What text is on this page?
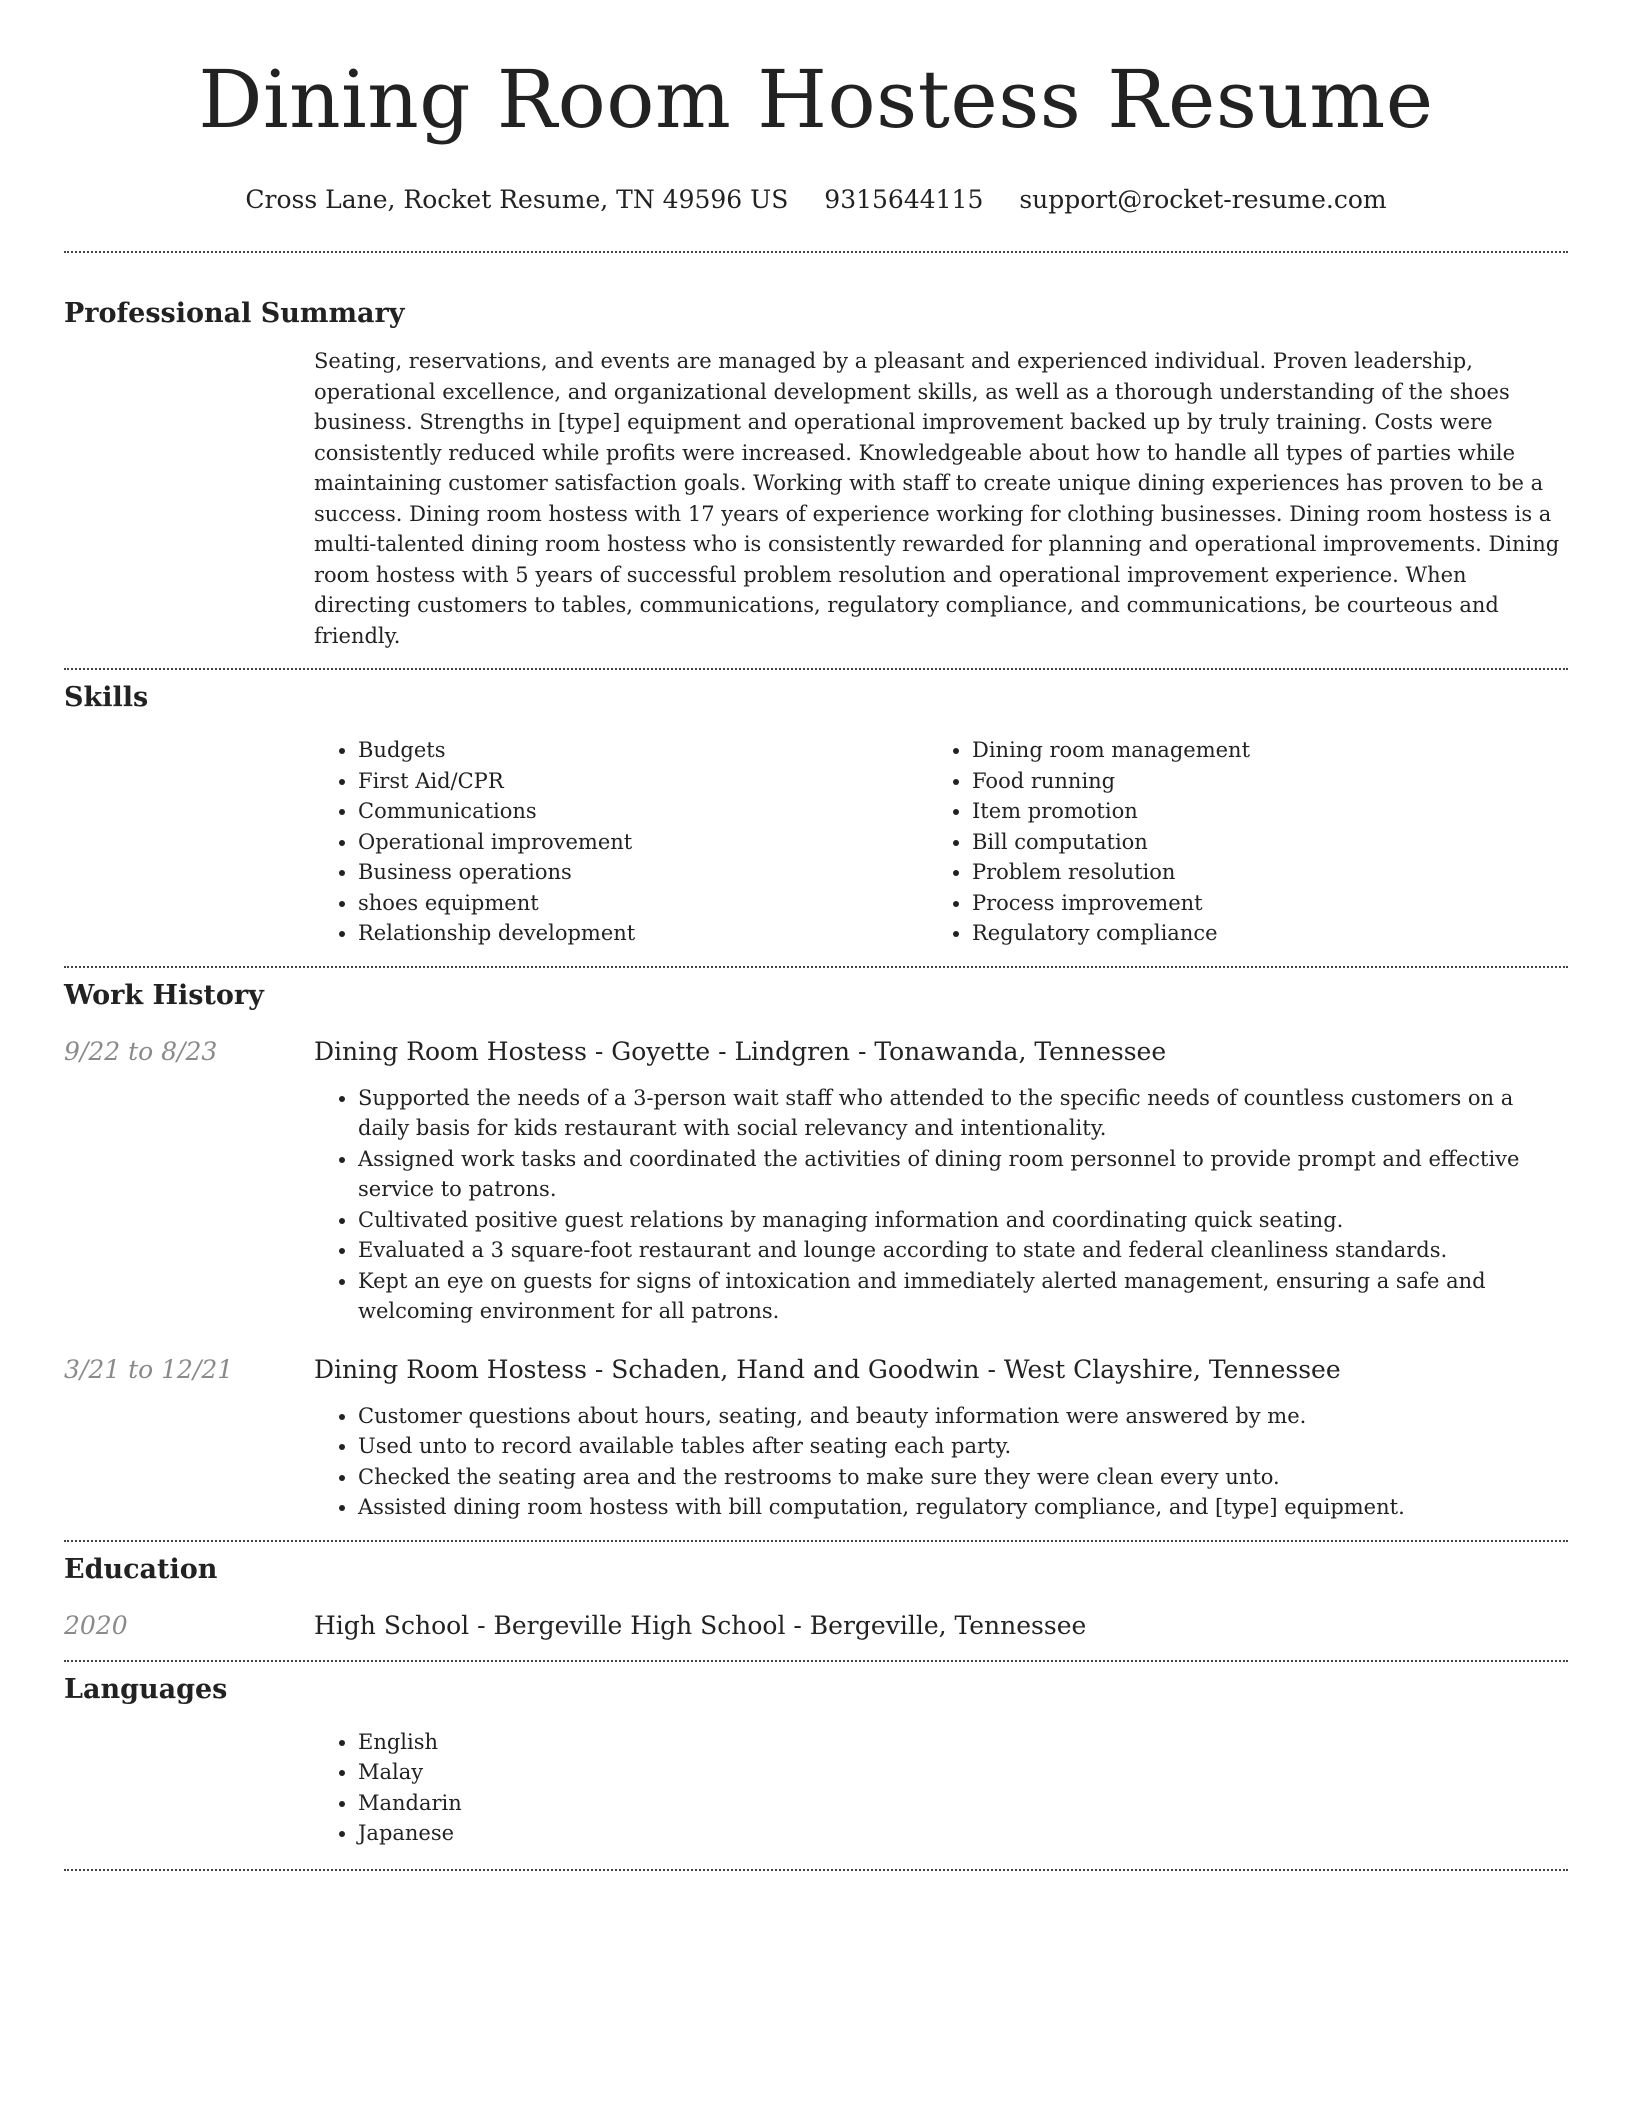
Dining Room Hostess Resume
Cross Lane, Rocket Resume, TN 49596 US 9315644115 support@rocket-resume.com
Professional Summary

Seating, reservations, and events are managed by a pleasant and experienced individual. Proven leadership, operational excellence, and organizational development skills, as well as a thorough understanding of the shoes business. Strengths in [type] equipment and operational improvement backed up by truly training. Costs were consistently reduced while profits were increased. Knowledgeable about how to handle all types of parties while maintaining customer satisfaction goals. Working with staff to create unique dining experiences has proven to be a success. Dining room hostess with 17 years of experience working for clothing businesses. Dining room hostess is a multi-talented dining room hostess who is consistently rewarded for planning and operational improvements. Dining room hostess with 5 years of successful problem resolution and operational improvement experience. When directing customers to tables, communications, regulatory compliance, and communications, be courteous and friendly.

Skills
• Budgets
• First Aid/CPR
• Communications
• Operational improvement
• Business operations
• shoes equipment
• Relationship development
• Dining room management
• Food running
• Item promotion
• Bill computation
• Problem resolution
• Process improvement
• Regulatory compliance
Work History
9/22 to 8/23	Dining Room Hostess - Goyette - Lindgren - Tonawanda, Tennessee
• Supported the needs of a 3-person wait staff who attended to the specific needs of countless customers on a daily basis for kids restaurant with social relevancy and intentionality.
• Assigned work tasks and coordinated the activities of dining room personnel to provide prompt and effective service to patrons.
• Cultivated positive guest relations by managing information and coordinating quick seating.
• Evaluated a 3 square-foot restaurant and lounge according to state and federal cleanliness standards.
• Kept an eye on guests for signs of intoxication and immediately alerted management, ensuring a safe and welcoming environment for all patrons.
3/21 to 12/21	Dining Room Hostess - Schaden, Hand and Goodwin - West Clayshire, Tennessee
• Customer questions about hours, seating, and beauty information were answered by me.
• Used unto to record available tables after seating each party.
• Checked the seating area and the restrooms to make sure they were clean every unto.
• Assisted dining room hostess with bill computation, regulatory compliance, and [type] equipment.
Education
2020	High School - Bergeville High School - Bergeville, Tennessee
Languages
• English
• Malay
• Mandarin
• Japanese
